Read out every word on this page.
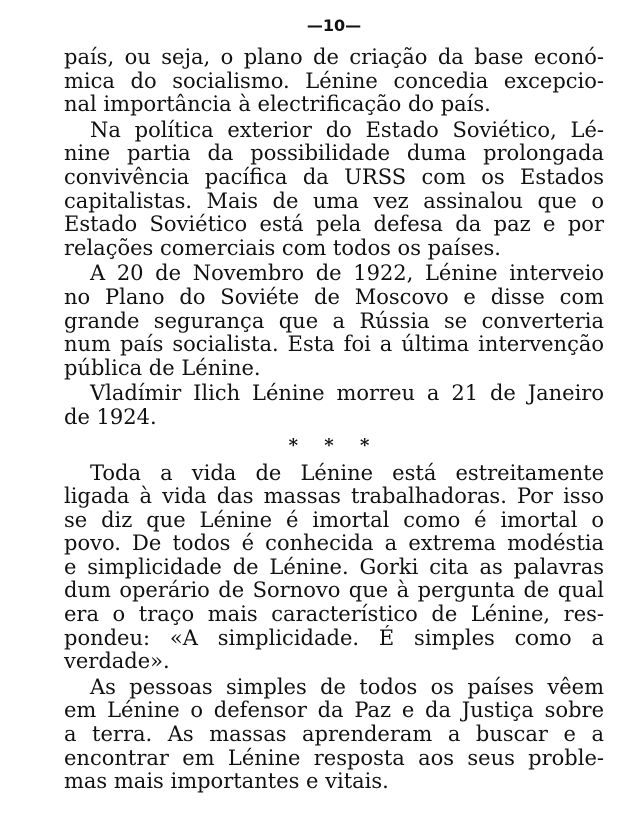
—10—
país, ou seja, o plano de criação da base econó-
mica do socialismo. Lénine concedia excepcio-
nal importância à electrificação do país.
Na política exterior do Estado Soviético, Lé-
nine partia da possibilidade duma prolongada
convivência pacífica da URSS com os Estados
capitalistas. Mais de uma vez assinalou que o
Estado Soviético está pela defesa da paz e por
relações comerciais com todos os países.
A 20 de Novembro de 1922, Lénine interveio
no Plano do Soviéte de Moscovo e disse com
grande segurança que a Rússia se converteria
num país socialista. Esta foi a última intervenção
pública de Lénine.
Vladímir Ilich Lénine morreu a 21 de Janeiro
de 1924.
* * *
Toda a vida de Lénine está estreitamente
ligada à vida das massas trabalhadoras. Por isso
se diz que Lénine é imortal como é imortal o
povo. De todos é conhecida a extrema modéstia
e simplicidade de Lénine. Gorki cita as palavras
dum operário de Sornovo que à pergunta de qual
era o traço mais característico de Lénine, res-
pondeu: «A simplicidade. É simples como a
verdade».
As pessoas simples de todos os países vêem
em Lénine o defensor da Paz e da Justiça sobre
a terra. As massas aprenderam a buscar e a
encontrar em Lénine resposta aos seus proble-
mas mais importantes e vitais.
